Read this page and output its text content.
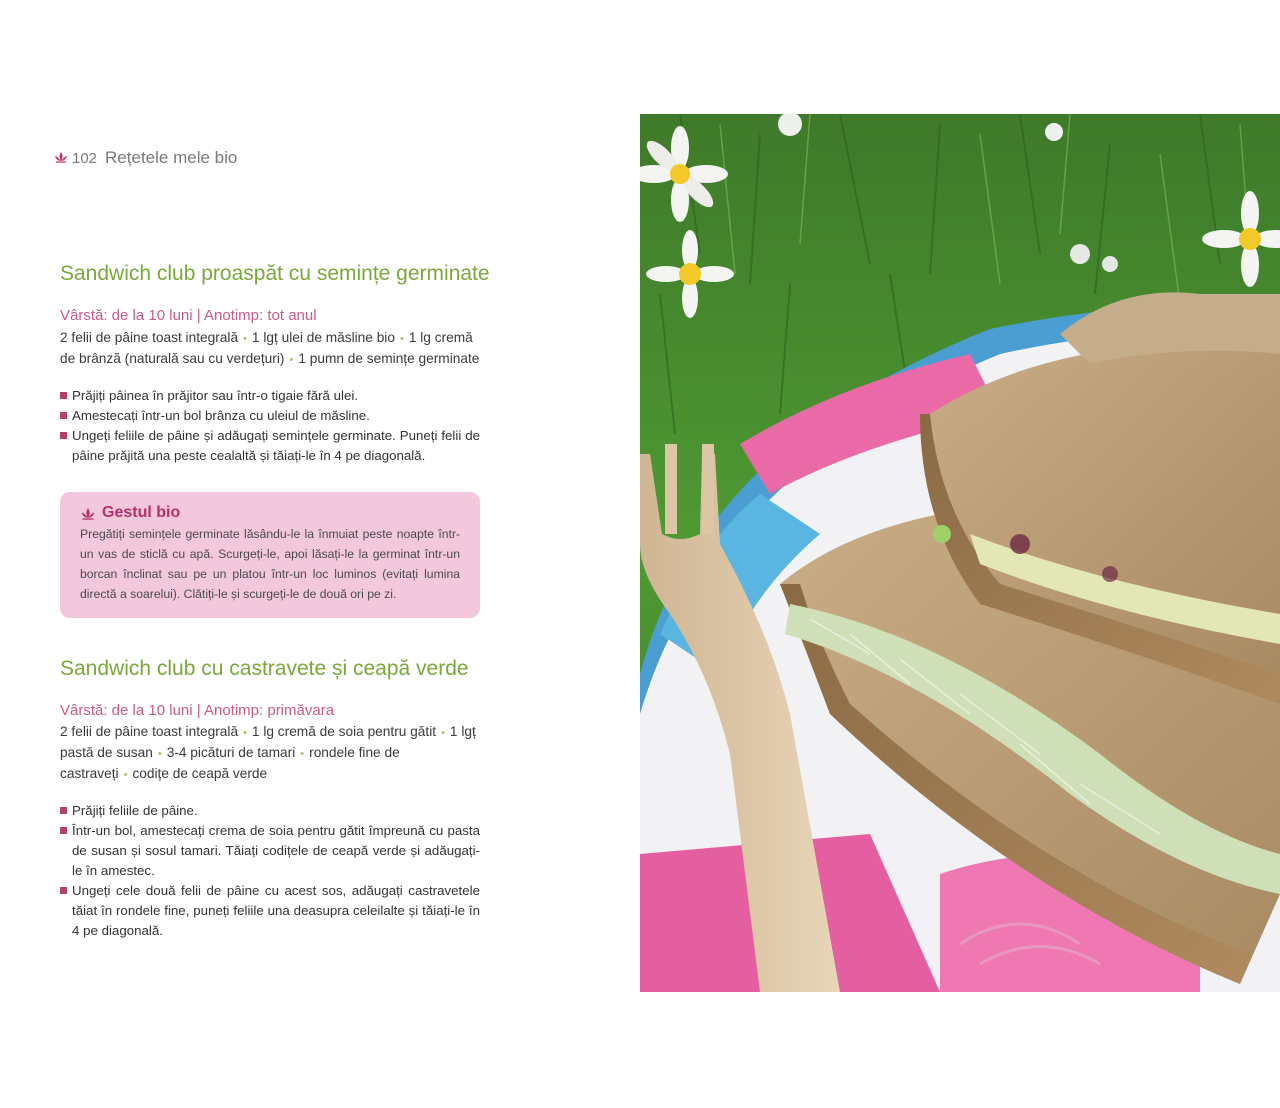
102 Rețetele mele bio
Sandwich club proaspăt cu semințe germinate
Vârstă: de la 10 luni | Anotimp: tot anul

2 felii de pâine toast integrală • 1 lgț ulei de măsline bio • 1 lg cremă de brânză (naturală sau cu verdețuri) • 1 pumn de semințe germinate

Prăjiți pâinea în prăjitor sau într-o tigaie fără ulei.
Amestecați într-un bol brânza cu uleiul de măsline.
Ungeți feliile de pâine și adăugați semințele germinate. Puneți felii de pâine prăjită una peste cealaltă și tăiați-le în 4 pe diagonală.
Gestul bio
Pregătiți semințele germinate lăsându-le la înmuiat peste noapte într-un vas de sticlă cu apă. Scurgeți-le, apoi lăsați-le la germinat într-un borcan înclinat sau pe un platou într-un loc luminos (evitați lumina directă a soarelui). Clătiți-le și scurgeți-le de două ori pe zi.
Sandwich club cu castravete și ceapă verde
Vârstă: de la 10 luni | Anotimp: primăvara

2 felii de pâine toast integrală • 1 lg cremă de soia pentru gătit • 1 lgț pastă de susan • 3-4 picături de tamari • rondele fine de castraveți • codițe de ceapă verde

Prăjiți feliile de pâine.
Într-un bol, amestecați crema de soia pentru gătit împreună cu pasta de susan și sosul tamari. Tăiați codițele de ceapă verde și adăugați-le în amestec.
Ungeți cele două felii de pâine cu acest sos, adăugați castravetele tăiat în rondele fine, puneți feliile una deasupra celeilalte și tăiați-le în 4 pe diagonală.
